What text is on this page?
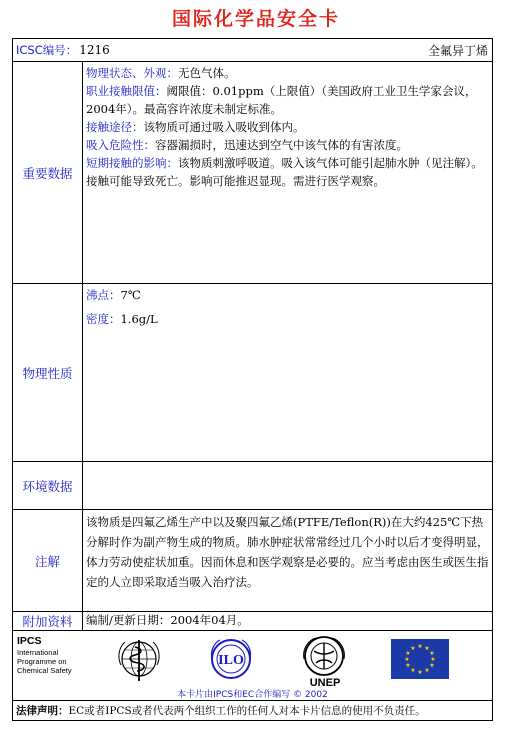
国际化学品安全卡
ICSC编号： 1216	全氟异丁烯
重要数据

物理状态、外观：无色气体。

职业接触限值：阈限值：0.01ppm（上限值）（美国政府工业卫生学家会议，2004年）。最高容许浓度未制定标准。

接触途径：该物质可通过吸入吸收到体内。

吸入危险性：容器漏损时，迅速达到空气中该气体的有害浓度。

短期接触的影响：该物质刺激呼吸道。吸入该气体可能引起肺水肿（见注解）。接触可能导致死亡。影响可能推迟显现。需进行医学观察。

物理性质

沸点：7℃

密度：1.6g/L

环境数据
注解
该物质是四氟乙烯生产中以及聚四氟乙烯(PTFE/Teflon(R))在大约425℃下热分解时作为副产物生成的物质。肺水肿症状常常经过几个小时以后才变得明显，体力劳动使症状加重。因而休息和医学观察是必要的。应当考虑由医生或医生指定的人立即采取适当吸入治疗法。
附加资料	编制/更新日期：2004年04月。
IPCS
International
Programme on
Chemical Safety
ILO
UNEP
★ ★
★
★
★
★
★
★
★
★
★
★
本卡片由IPCS和EC合作编写 © 2002
法律声明： EC或者IPCS或者代表两个组织工作的任何人对本卡片信息的使用不负责任。
